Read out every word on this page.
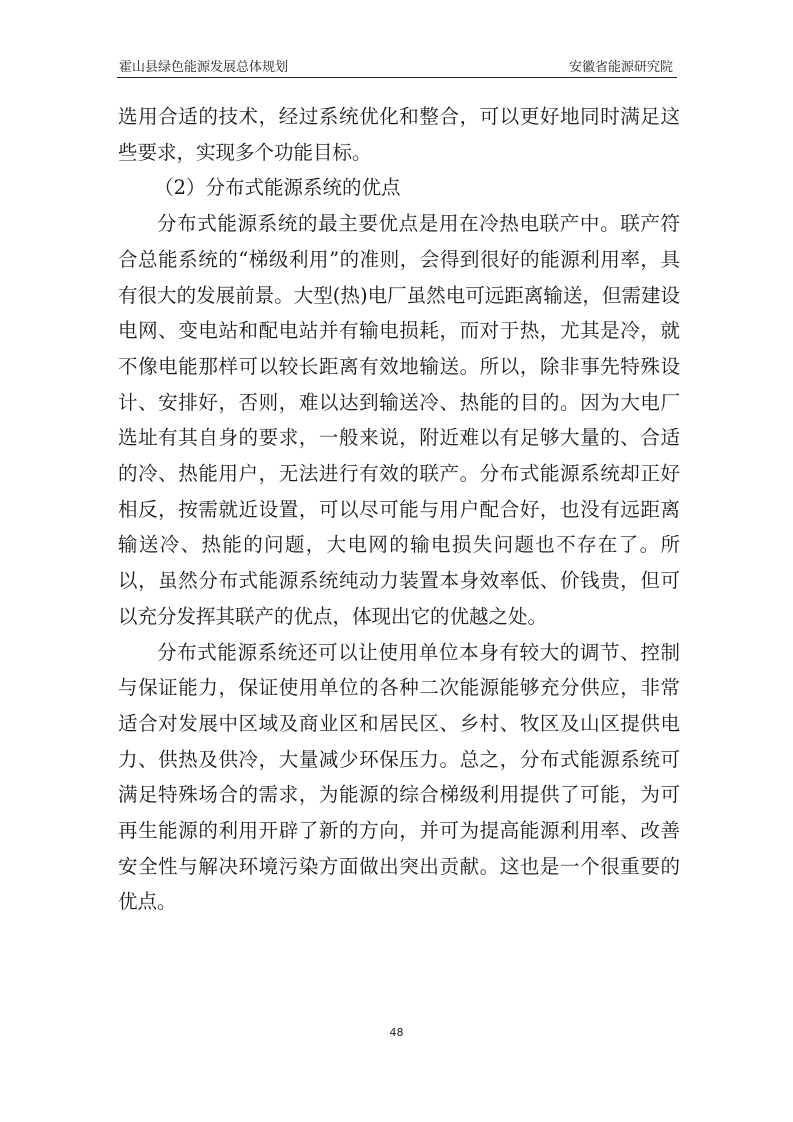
霍山县绿色能源发展总体规划	安徽省能源研究院

选用合适的技术，经过系统优化和整合，可以更好地同时满足这些要求，实现多个功能目标。

（2）分布式能源系统的优点

分布式能源系统的最主要优点是用在冷热电联产中。联产符合总能系统的“梯级利用”的准则，会得到很好的能源利用率，具有很大的发展前景。大型(热)电厂虽然电可远距离输送，但需建设电网、变电站和配电站并有输电损耗，而对于热，尤其是冷，就不像电能那样可以较长距离有效地输送。所以，除非事先特殊设计、安排好，否则，难以达到输送冷、热能的目的。因为大电厂选址有其自身的要求，一般来说，附近难以有足够大量的、合适的冷、热能用户，无法进行有效的联产。分布式能源系统却正好相反，按需就近设置，可以尽可能与用户配合好，也没有远距离输送冷、热能的问题，大电网的输电损失问题也不存在了。所以，虽然分布式能源系统纯动力装置本身效率低、价钱贵，但可以充分发挥其联产的优点，体现出它的优越之处。

分布式能源系统还可以让使用单位本身有较大的调节、控制与保证能力，保证使用单位的各种二次能源能够充分供应，非常适合对发展中区域及商业区和居民区、乡村、牧区及山区提供电力、供热及供冷，大量减少环保压力。总之，分布式能源系统可满足特殊场合的需求，为能源的综合梯级利用提供了可能，为可再生能源的利用开辟了新的方向，并可为提高能源利用率、改善安全性与解决环境污染方面做出突出贡献。这也是一个很重要的优点。

48
